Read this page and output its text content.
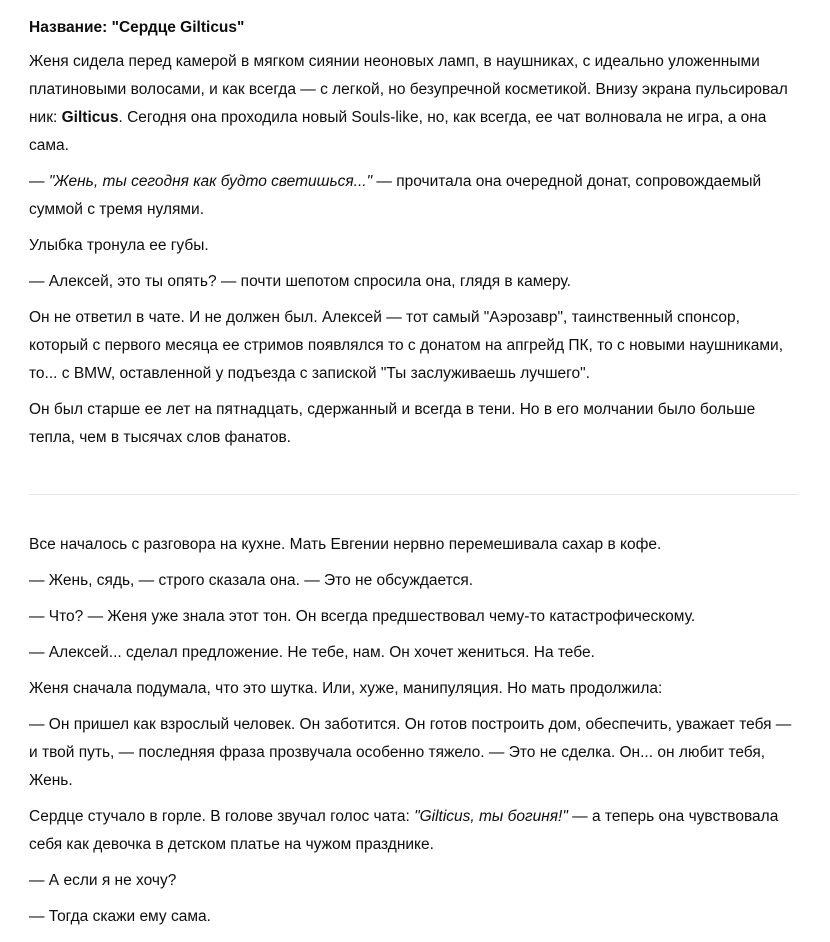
Название: "Сердце Gilticus"
Женя сидела перед камерой в мягком сиянии неоновых ламп, в наушниках, с идеально уложенными платиновыми волосами, и как всегда — с легкой, но безупречной косметикой. Внизу экрана пульсировал ник: Gilticus. Сегодня она проходила новый Souls-like, но, как всегда, ее чат волновала не игра, а она сама.
— "Жень, ты сегодня как будто светишься..." — прочитала она очередной донат, сопровождаемый суммой с тремя нулями.
Улыбка тронула ее губы.
— Алексей, это ты опять? — почти шепотом спросила она, глядя в камеру.
Он не ответил в чате. И не должен был. Алексей — тот самый "Аэрозавр", таинственный спонсор, который с первого месяца ее стримов появлялся то с донатом на апгрейд ПК, то с новыми наушниками, то... с BMW, оставленной у подъезда с запиской "Ты заслуживаешь лучшего".
Он был старше ее лет на пятнадцать, сдержанный и всегда в тени. Но в его молчании было больше тепла, чем в тысячах слов фанатов.
Все началось с разговора на кухне. Мать Евгении нервно перемешивала сахар в кофе.
— Жень, сядь, — строго сказала она. — Это не обсуждается.
— Что? — Женя уже знала этот тон. Он всегда предшествовал чему-то катастрофическому.
— Алексей... сделал предложение. Не тебе, нам. Он хочет жениться. На тебе.
Женя сначала подумала, что это шутка. Или, хуже, манипуляция. Но мать продолжила:
— Он пришел как взрослый человек. Он заботится. Он готов построить дом, обеспечить, уважает тебя — и твой путь, — последняя фраза прозвучала особенно тяжело. — Это не сделка. Он... он любит тебя, Жень.
Сердце стучало в горле. В голове звучал голос чата: "Gilticus, ты богиня!" — а теперь она чувствовала себя как девочка в детском платье на чужом празднике.
— А если я не хочу?
— Тогда скажи ему сама.
